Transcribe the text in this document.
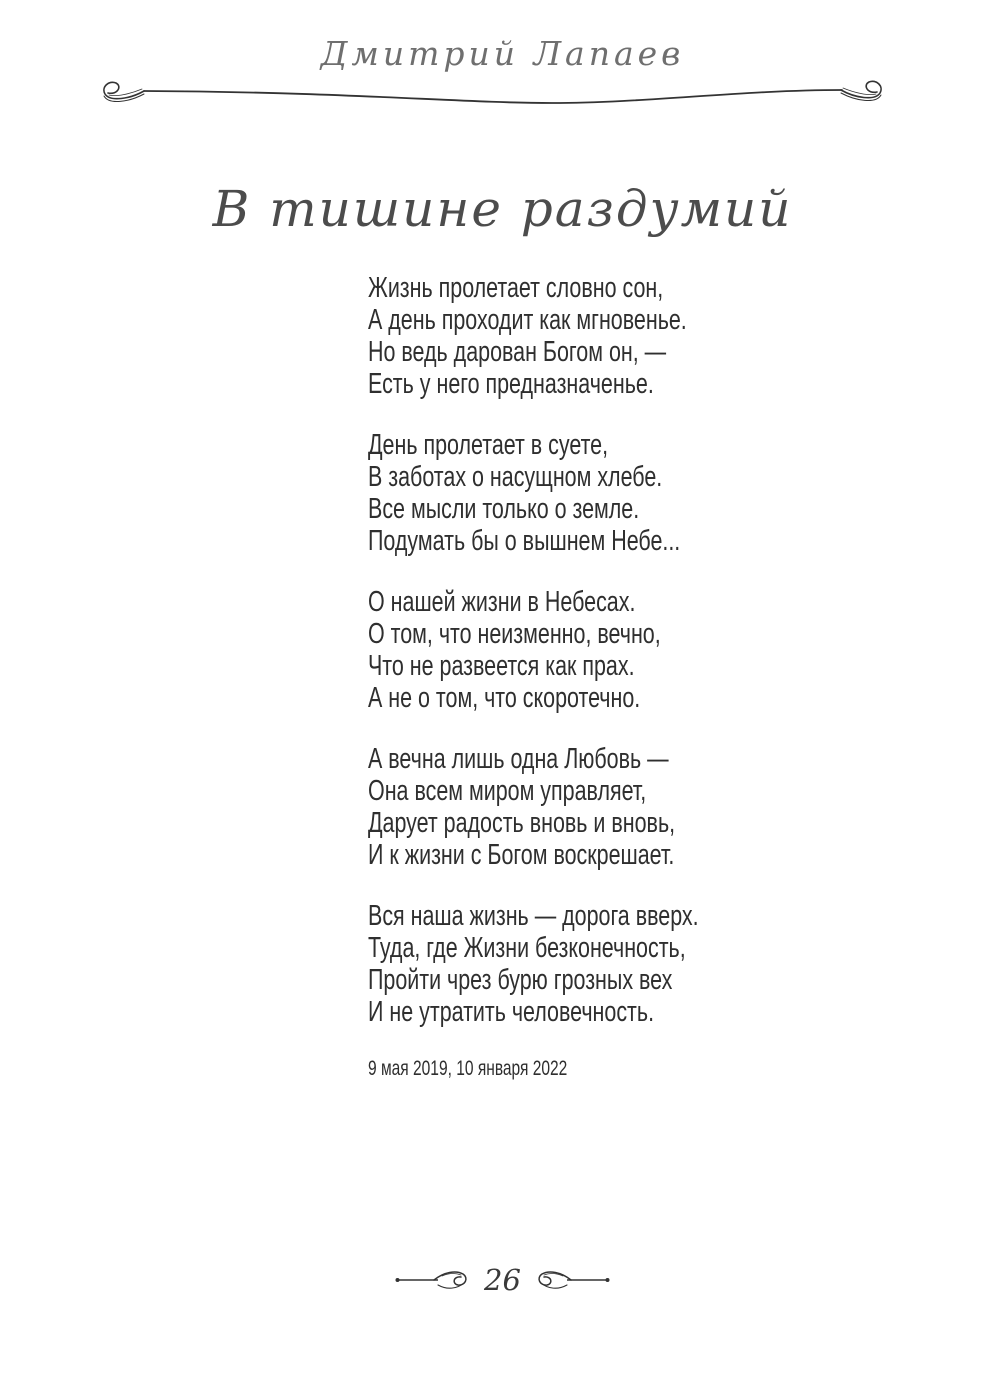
Дмитрий Лапаев
В тишине раздумий
Жизнь пролетает словно сон,
А день проходит как мгновенье.
Но ведь дарован Богом он, —
Есть у него предназначенье.
День пролетает в суете,
В заботах о насущном хлебе.
Все мысли только о земле.
Подумать бы о вышнем Небе...
О нашей жизни в Небесах.
О том, что неизменно, вечно,
Что не развеется как прах.
А не о том, что скоротечно.
А вечна лишь одна Любовь —
Она всем миром управляет,
Дарует радость вновь и вновь,
И к жизни с Богом воскрешает.
Вся наша жизнь — дорога вверх.
Туда, где Жизни безконечность,
Пройти чрез бурю грозных вех
И не утратить человечность.
9 мая 2019, 10 января 2022
26
